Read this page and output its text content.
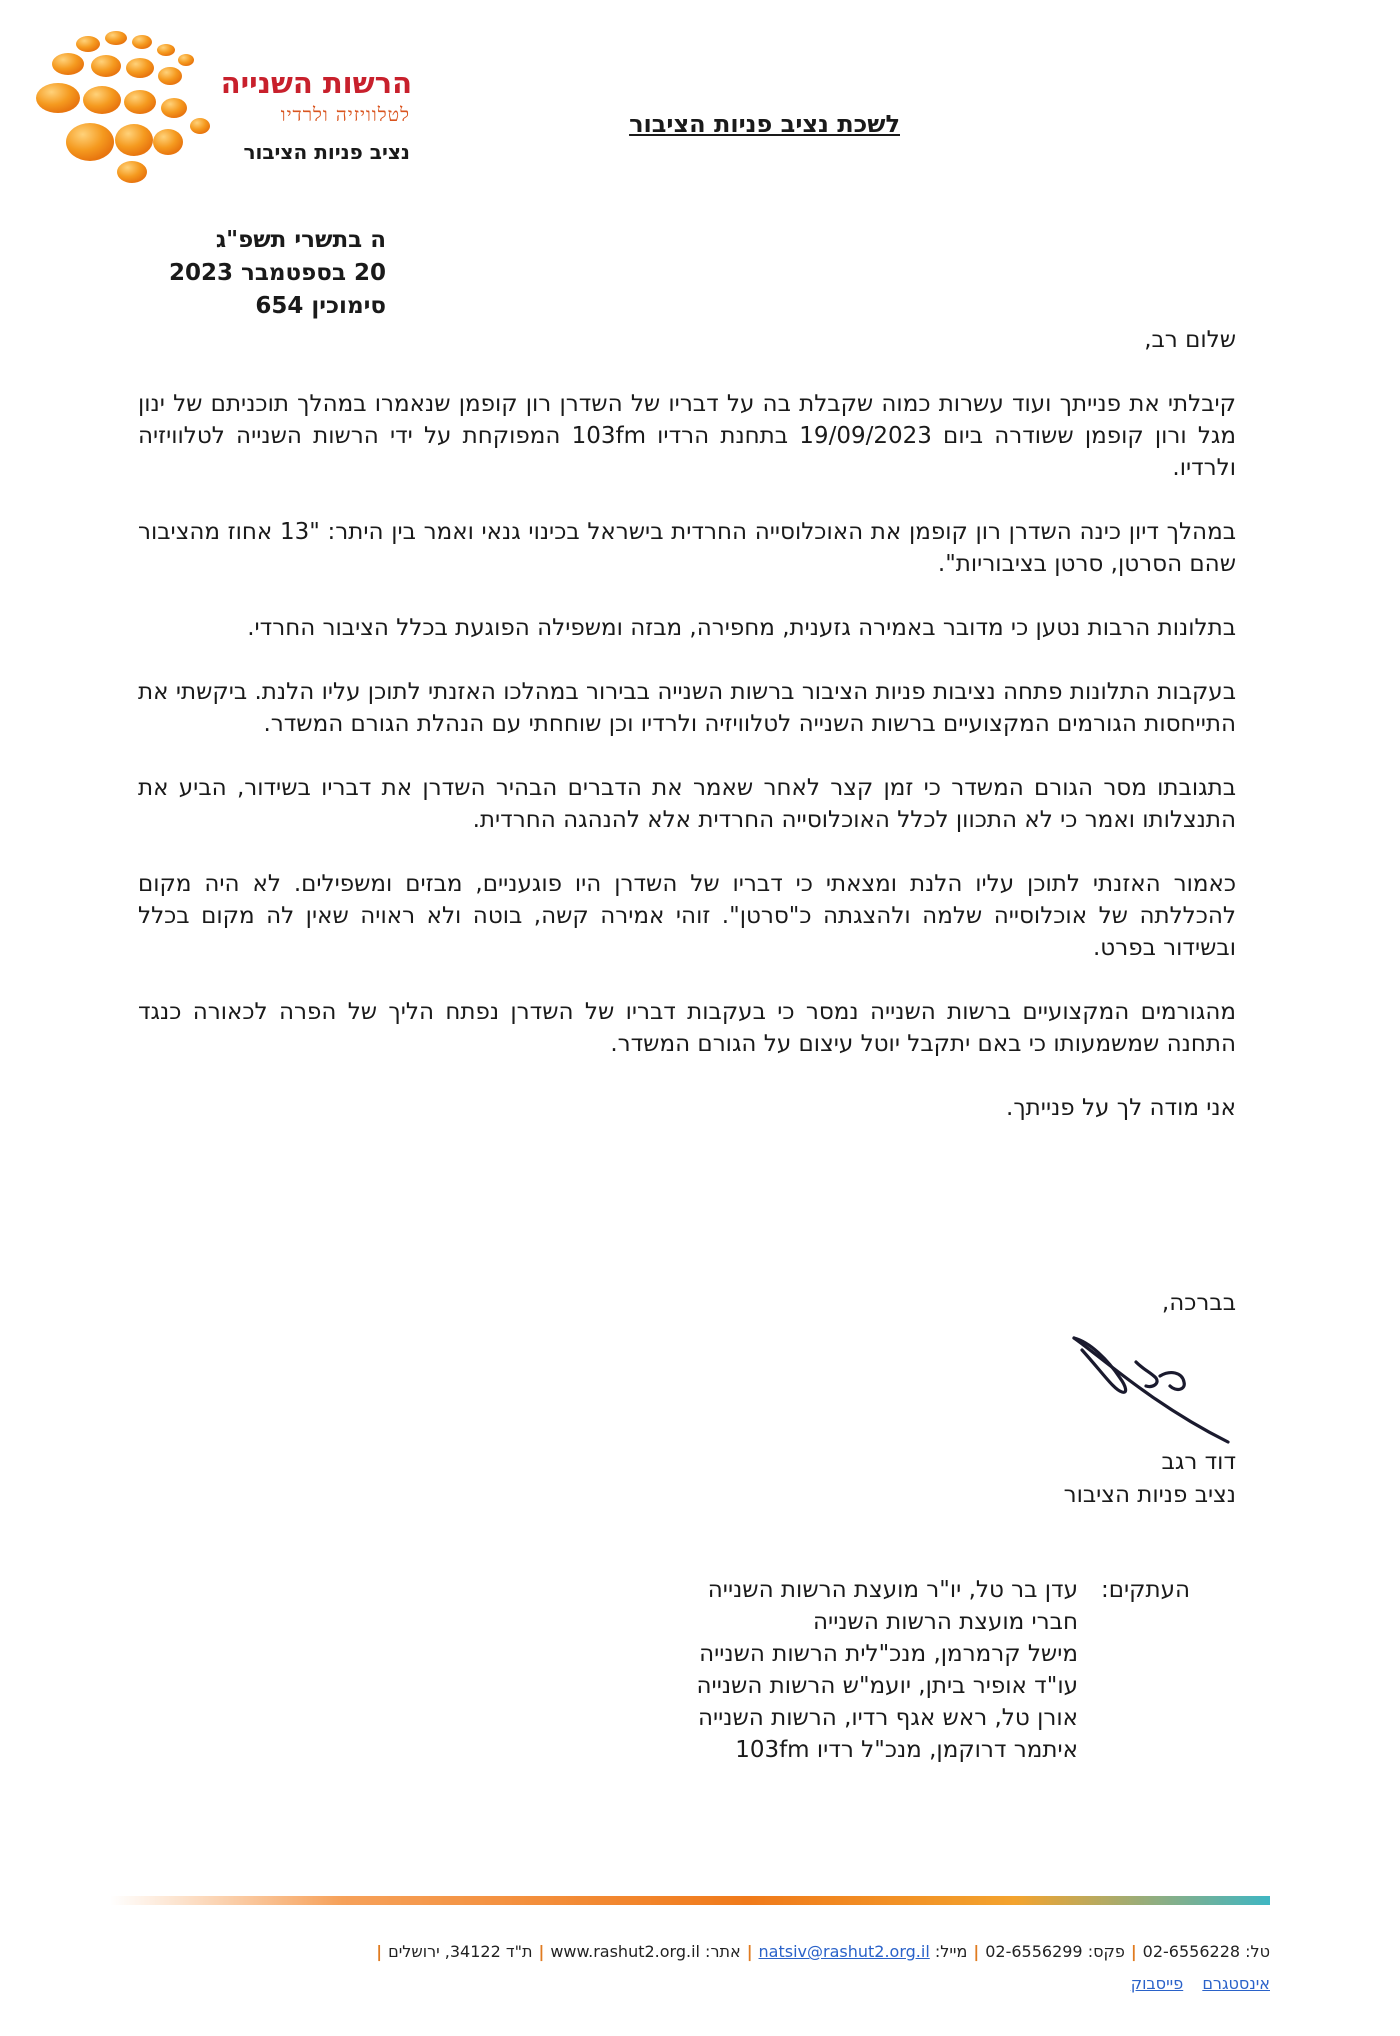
הרשות השנייה
לטלוויזיה ולרדיו
נציב פניות הציבור
לשכת נציב פניות הציבור
ה בתשרי תשפ"ג
20 בספטמבר 2023
סימוכין 654

שלום רב,

קיבלתי את פנייתך ועוד עשרות כמוה שקבלת בה על דבריו של השדרן רון קופמן שנאמרו במהלך תוכניתם של ינון מגל ורון קופמן ששודרה ביום 19/09/2023 בתחנת הרדיו 103fm המפוקחת על ידי הרשות השנייה לטלוויזיה ולרדיו.

במהלך דיון כינה השדרן רון קופמן את האוכלוסייה החרדית בישראל בכינוי גנאי ואמר בין היתר: "13 אחוז מהציבור שהם הסרטן, סרטן בציבוריות".

בתלונות הרבות נטען כי מדובר באמירה גזענית, מחפירה, מבזה ומשפילה הפוגעת בכלל הציבור החרדי.

בעקבות התלונות פתחה נציבות פניות הציבור ברשות השנייה בבירור במהלכו האזנתי לתוכן עליו הלנת. ביקשתי את התייחסות הגורמים המקצועיים ברשות השנייה לטלוויזיה ולרדיו וכן שוחחתי עם הנהלת הגורם המשדר.

בתגובתו מסר הגורם המשדר כי זמן קצר לאחר שאמר את הדברים הבהיר השדרן את דבריו בשידור, הביע את התנצלותו ואמר כי לא התכוון לכלל האוכלוסייה החרדית אלא להנהגה החרדית.

כאמור האזנתי לתוכן עליו הלנת ומצאתי כי דבריו של השדרן היו פוגעניים, מבזים ומשפילים. לא היה מקום להכללתה של אוכלוסייה שלמה ולהצגתה כ"סרטן". זוהי אמירה קשה, בוטה ולא ראויה שאין לה מקום בכלל ובשידור בפרט.

מהגורמים המקצועיים ברשות השנייה נמסר כי בעקבות דבריו של השדרן נפתח הליך של הפרה לכאורה כנגד התחנה שמשמעותו כי באם יתקבל יוטל עיצום על הגורם המשדר.

אני מודה לך על פנייתך.

בברכה,
דוד רגב
נציב פניות הציבור
העתקים:
עדן בר טל, יו"ר מועצת הרשות השנייה
חברי מועצת הרשות השנייה
מישל קרמרמן, מנכ"לית הרשות השנייה
עו"ד אופיר ביתן, יועמ"ש הרשות השנייה
אורן טל, ראש אגף רדיו, הרשות השנייה
איתמר דרוקמן, מנכ"ל רדיו 103fm
טל: 02-6556228|פקס: 02-6556299|מייל: natsiv@rashut2.org.il|אתר: www.rashut2.org.il|ת"ד 34122, ירושלים|
אינסטגרם פייסבוק
